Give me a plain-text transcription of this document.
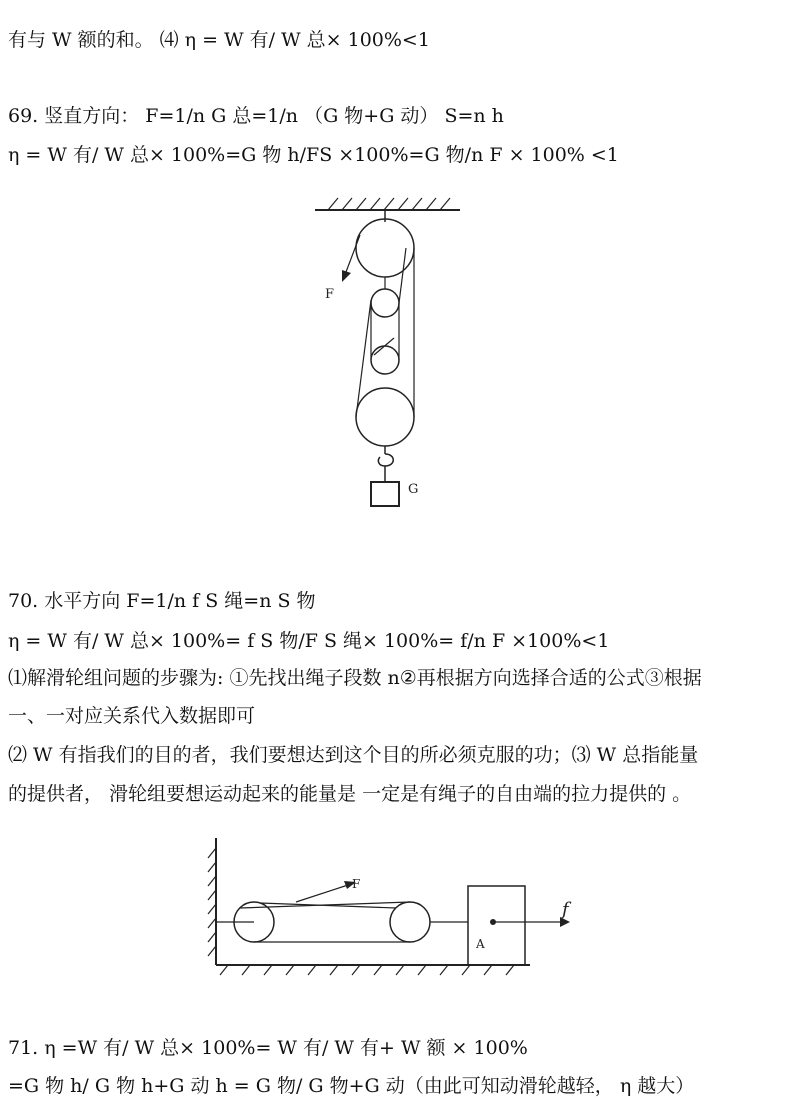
有与 W 额的和。 ⑷ η = W 有/ W 总× 100%<1
69. 竖直方向： F=1/n G 总=1/n （G 物+G 动） S=n h
η = W 有/ W 总× 100%=G 物 h/FS ×100%=G 物/n F × 100% <1
F
G
70. 水平方向 F=1/n f S 绳=n S 物
η = W 有/ W 总× 100%= f S 物/F S 绳× 100%= f/n F ×100%<1
⑴解滑轮组问题的步骤为: ①先找出绳子段数 n②再根据方向选择合适的公式③根据
一、一对应关系代入数据即可
⑵ W 有指我们的目的者，我们要想达到这个目的所必须克服的功；⑶ W 总指能量
的提供者， 滑轮组要想运动起来的能量是 一定是有绳子的自由端的拉力提供的 。
F
A
f
71. η =W 有/ W 总× 100%= W 有/ W 有+ W 额 × 100%
=G 物 h/ G 物 h+G 动 h = G 物/ G 物+G 动（由此可知动滑轮越轻， η 越大）
